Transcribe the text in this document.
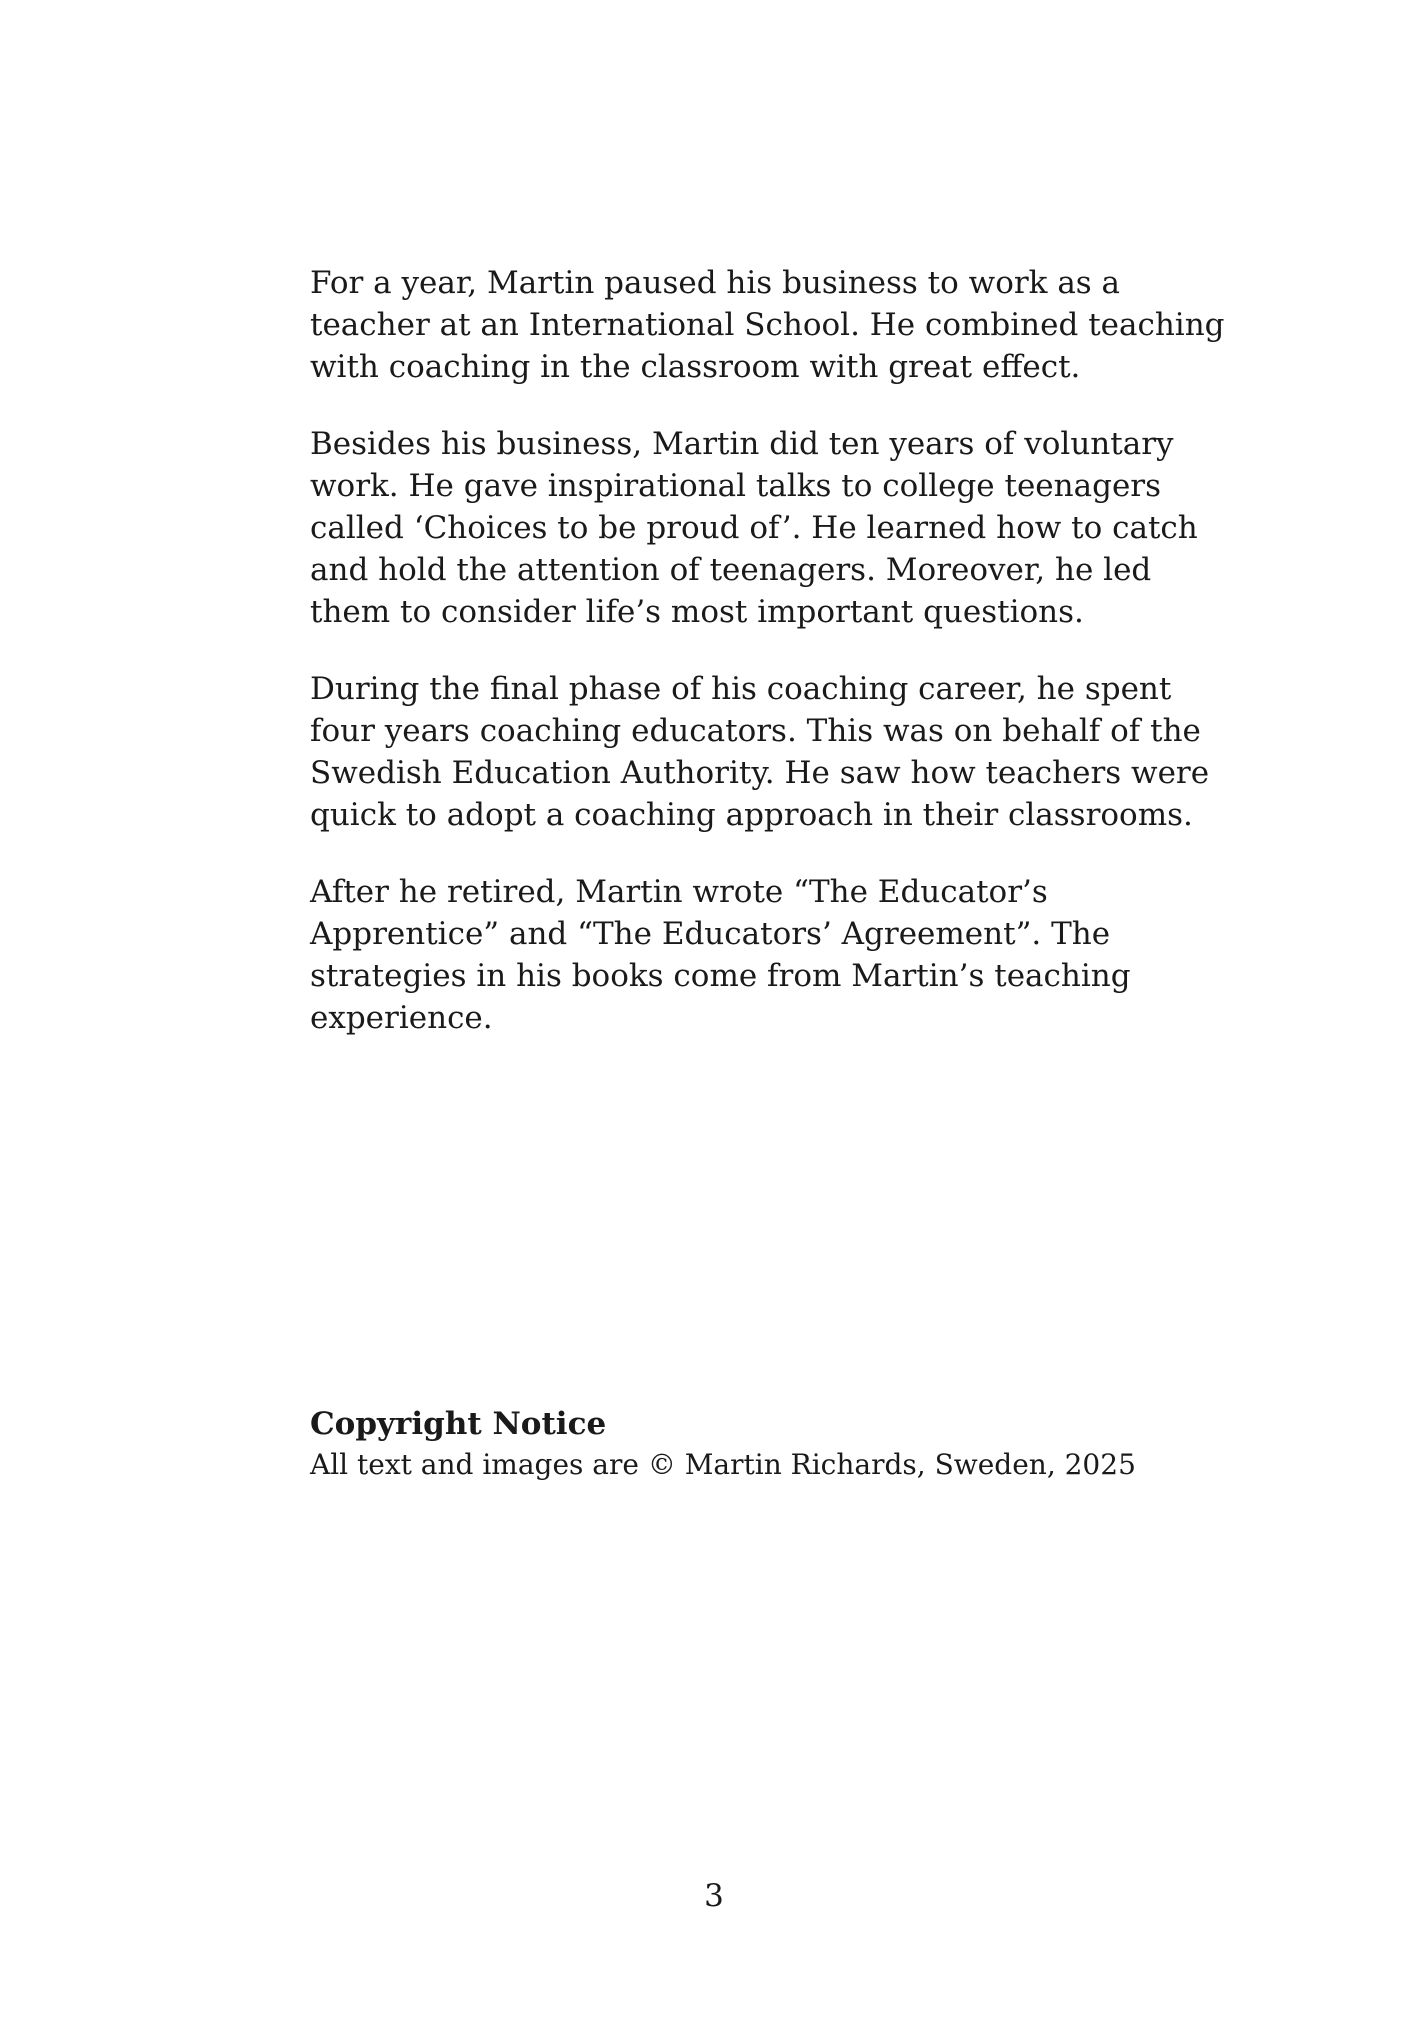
For a year, Martin paused his business to work as a teacher at an International School. He combined teaching with coaching in the classroom with great effect.

Besides his business, Martin did ten years of voluntary work. He gave inspirational talks to college teenagers called ‘Choices to be proud of’. He learned how to catch and hold the attention of teenagers. Moreover, he led them to consider life’s most important questions.

During the final phase of his coaching career, he spent four years coaching educators. This was on behalf of the Swedish Education Authority. He saw how teachers were quick to adopt a coaching approach in their classrooms.

After he retired, Martin wrote “The Educator’s Apprentice” and “The Educators’ Agreement”. The strategies in his books come from Martin’s teaching experience.

Copyright Notice

All text and images are © Martin Richards, Sweden, 2025

3
